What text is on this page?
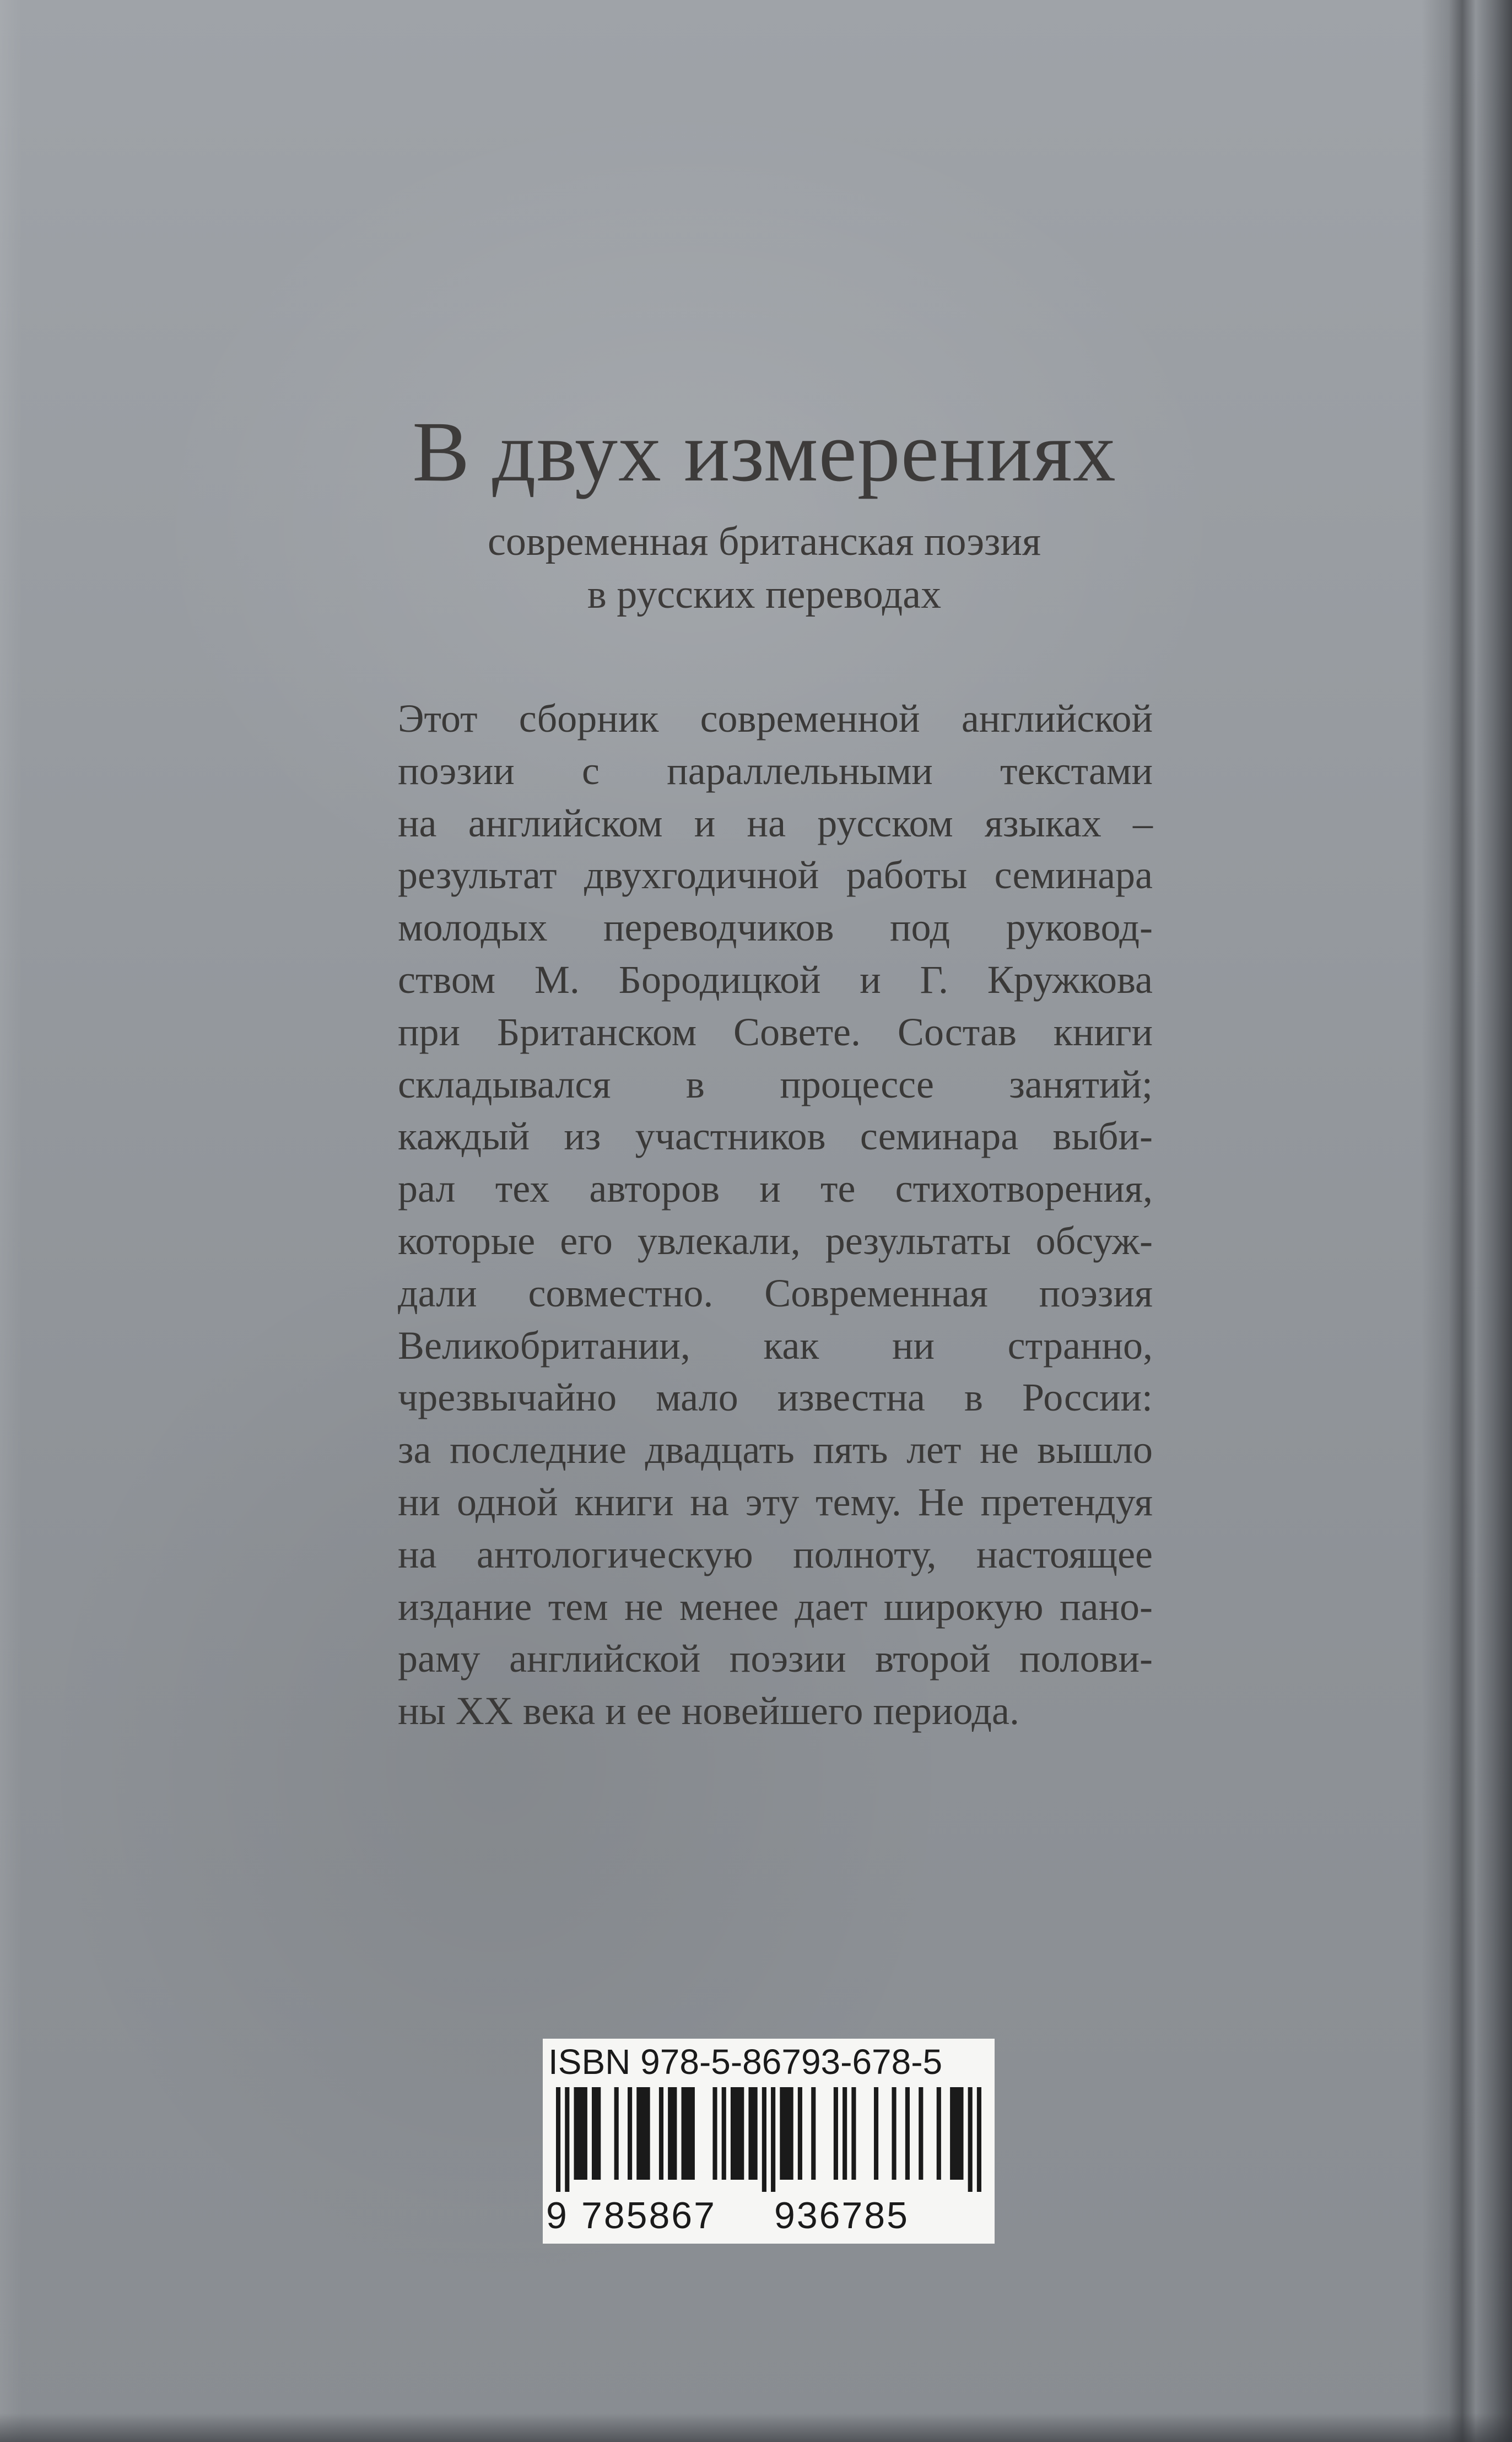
В двух измерениях
современная британская поэзия
в русских переводах
Этот сборник современной английской
поэзии с параллельными текстами
на английском и на русском языках –
результат двухгодичной работы семинара
молодых переводчиков под руковод-
ством М. Бородицкой и Г. Кружкова
при Британском Совете. Состав книги
складывался в процессе занятий;
каждый из участников семинара выби-
рал тех авторов и те стихотворения,
которые его увлекали, результаты обсуж-
дали совместно. Современная поэзия
Великобритании, как ни странно,
чрезвычайно мало известна в России:
за последние двадцать пять лет не вышло
ни одной книги на эту тему. Не претендуя
на антологическую полноту, настоящее
издание тем не менее дает широкую пано-
раму английской поэзии второй полови-
ны XX века и ее новейшего периода.
ISBN 978-5-86793-678-5
9 785867 936785
